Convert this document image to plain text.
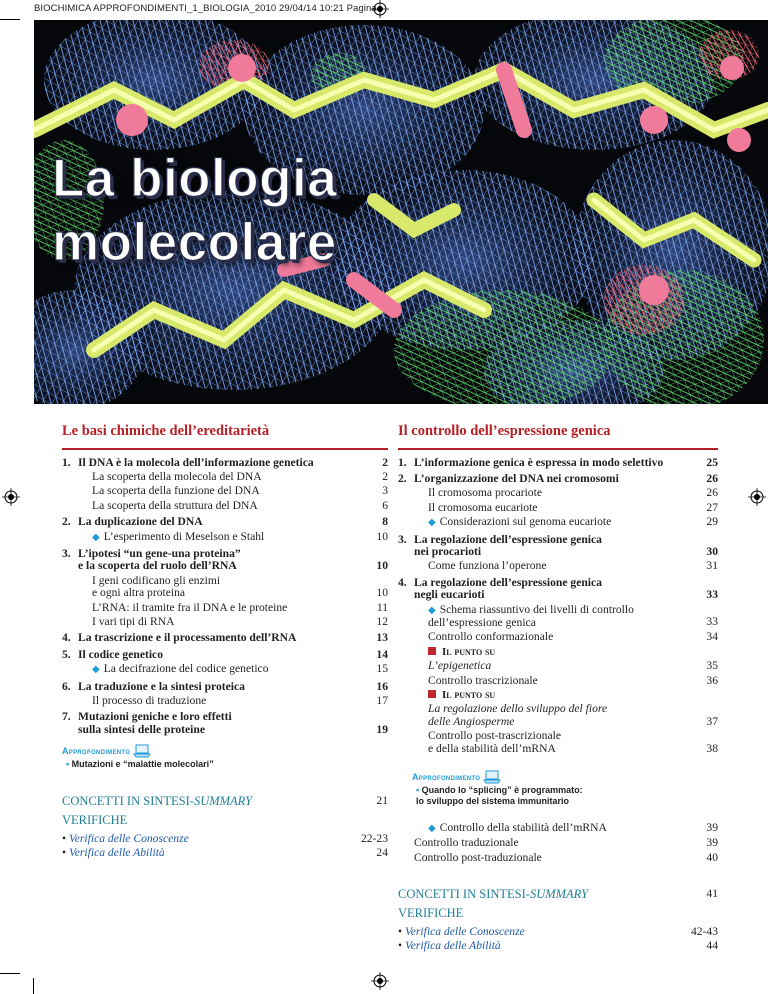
BIOCHIMICA APPROFONDIMENTI_1_BIOLOGIA_2010 29/04/14 10:21 Pagina
La biologia
molecolare
Le basi chimiche dell’ereditarietà
1. Il DNA è la molecola dell’informazione genetica	2
La scoperta della molecola del DNA	2
La scoperta della funzione del DNA	3
La scoperta della struttura del DNA	6
2. La duplicazione del DNA	8
◆ L’esperimento di Meselson e Stahl	10
3. L’ipotesi “un gene-una proteina”
e la scoperta del ruolo dell’RNA	
10
I geni codificano gli enzimi
e ogni altra proteina	
10
L’RNA: il tramite fra il DNA e le proteine	11
I vari tipi di RNA	12
4. La trascrizione e il processamento dell’RNA	13
5. Il codice genetico	14
◆ La decifrazione del codice genetico	15
6. La traduzione e la sintesi proteica	16
Il processo di traduzione	17
7. Mutazioni geniche e loro effetti
sulla sintesi delle proteine	
19
Approfondimento
• Mutazioni e “malattie molecolari”
CONCETTI IN SINTESI-SUMMARY	21
VERIFICHE
• Verifica delle Conoscenze	22-23
• Verifica delle Abilità	24
Il controllo dell’espressione genica
1. L’informazione genica è espressa in modo selettivo	25
2. L’organizzazione del DNA nei cromosomi	26
Il cromosoma procariote	26
Il cromosoma eucariote	27
◆ Considerazioni sul genoma eucariote	29
3. La regolazione dell’espressione genica
nei procarioti	
30
Come funziona l’operone	31
4. La regolazione dell’espressione genica
negli eucarioti	
33
◆ Schema riassuntivo dei livelli di controllo
dell’espressione genica	
33
Controllo conformazionale	34
Il punto su
L’epigenetica	35
Controllo trascrizionale	36
Il punto su
La regolazione dello sviluppo del fiore
delle Angiosperme	
37
Controllo post-trascrizionale
e della stabilità dell’mRNA	
38
Approfondimento
• Quando lo “splicing” è programmato:
lo sviluppo del sistema immunitario
◆ Controllo della stabilità dell’mRNA	39
Controllo traduzionale	39
Controllo post-traduzionale	40
CONCETTI IN SINTESI-SUMMARY	41
VERIFICHE
• Verifica delle Conoscenze	42-43
• Verifica delle Abilità	44
